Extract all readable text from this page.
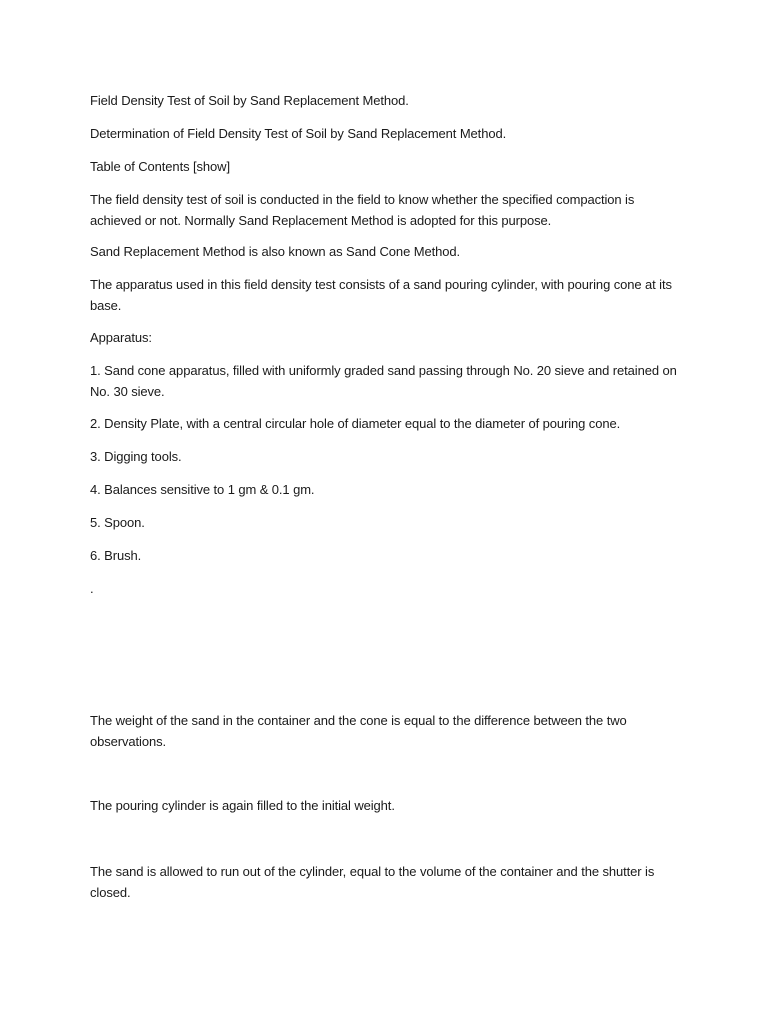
Field Density Test of Soil by Sand Replacement Method.

Determination of Field Density Test of Soil by Sand Replacement Method.

Table of Contents [show]

The field density test of soil is conducted in the field to know whether the specified compaction is achieved or not. Normally Sand Replacement Method is adopted for this purpose.

Sand Replacement Method is also known as Sand Cone Method.

The apparatus used in this field density test consists of a sand pouring cylinder, with pouring cone at its base.

Apparatus:

1. Sand cone apparatus, filled with uniformly graded sand passing through No. 20 sieve and retained on No. 30 sieve.

2. Density Plate, with a central circular hole of diameter equal to the diameter of pouring cone.

3. Digging tools.

4. Balances sensitive to 1 gm & 0.1 gm.

5. Spoon.

6. Brush.

.

The weight of the sand in the container and the cone is equal to the difference between the two observations.

The pouring cylinder is again filled to the initial weight.

The sand is allowed to run out of the cylinder, equal to the volume of the container and the shutter is closed.
